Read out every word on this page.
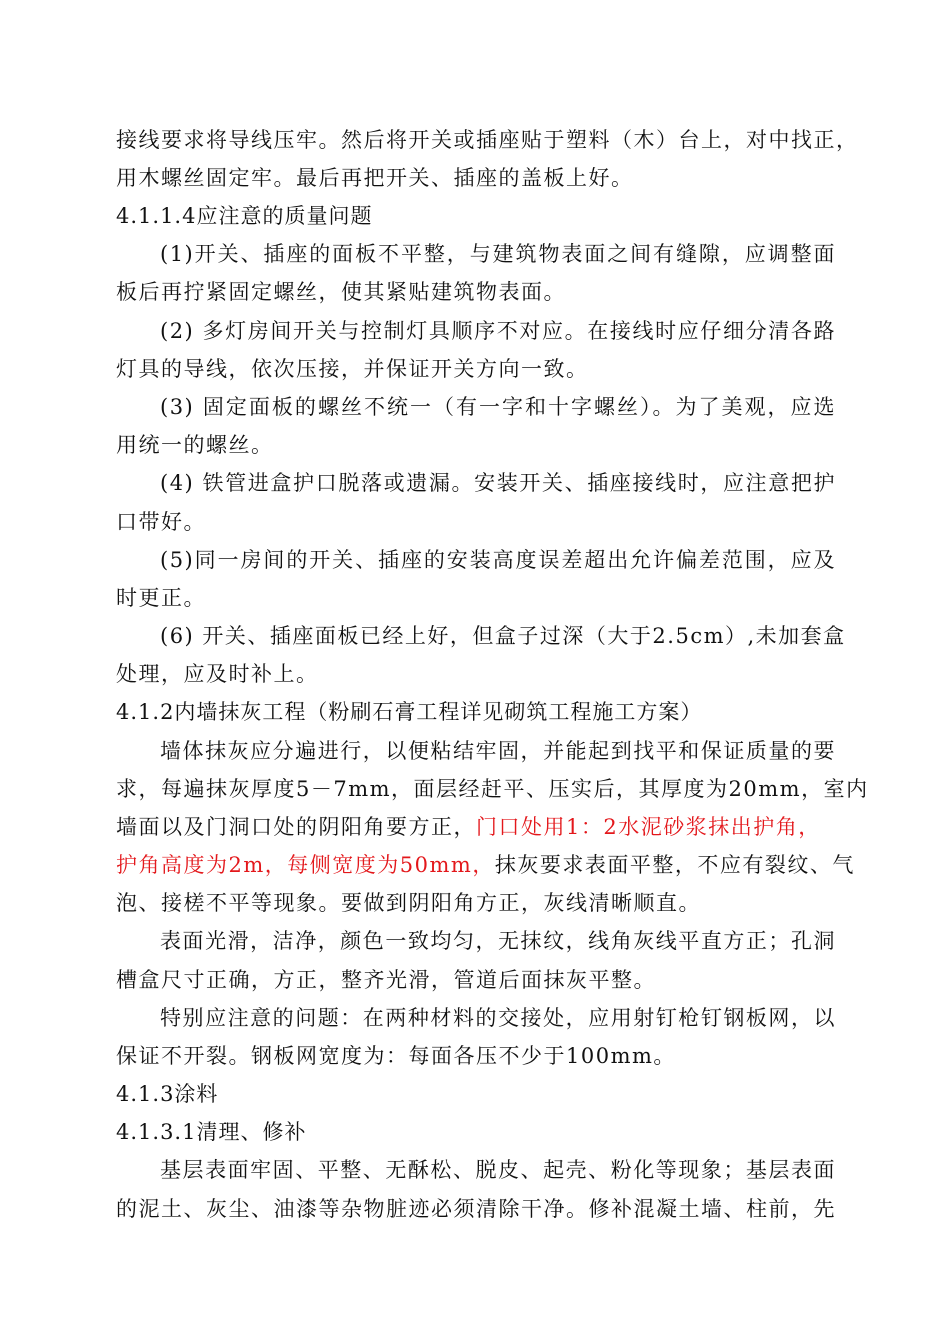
接线要求将导线压牢。然后将开关或插座贴于塑料（木）台上，对中找正，
用木螺丝固定牢。最后再把开关、插座的盖板上好。
4.1.1.4应注意的质量问题
(1)开关、插座的面板不平整，与建筑物表面之间有缝隙，应调整面
板后再拧紧固定螺丝，使其紧贴建筑物表面。
(2) 多灯房间开关与控制灯具顺序不对应。在接线时应仔细分清各路
灯具的导线，依次压接，并保证开关方向一致。
(3) 固定面板的螺丝不统一（有一字和十字螺丝）。为了美观，应选
用统一的螺丝。
(4) 铁管进盒护口脱落或遗漏。安装开关、插座接线时，应注意把护
口带好。
(5)同一房间的开关、插座的安装高度误差超出允许偏差范围，应及
时更正。
(6) 开关、插座面板已经上好，但盒子过深（大于2.5cm）,未加套盒
处理，应及时补上。
4.1.2内墙抹灰工程（粉刷石膏工程详见砌筑工程施工方案）
墙体抹灰应分遍进行，以便粘结牢固，并能起到找平和保证质量的要
求，每遍抹灰厚度5－7mm，面层经赶平、压实后，其厚度为20mm，室内
墙面以及门洞口处的阴阳角要方正，门口处用1：2水泥砂浆抹出护角，
护角高度为2m，每侧宽度为50mm，抹灰要求表面平整，不应有裂纹、气
泡、接槎不平等现象。要做到阴阳角方正，灰线清晰顺直。
表面光滑，洁净，颜色一致均匀，无抹纹，线角灰线平直方正；孔洞
槽盒尺寸正确，方正，整齐光滑，管道后面抹灰平整。
特别应注意的问题：在两种材料的交接处，应用射钉枪钉钢板网，以
保证不开裂。钢板网宽度为：每面各压不少于100mm。
4.1.3涂料
4.1.3.1清理、修补
基层表面牢固、平整、无酥松、脱皮、起壳、粉化等现象；基层表面
的泥土、灰尘、油漆等杂物脏迹必须清除干净。修补混凝土墙、柱前，先
